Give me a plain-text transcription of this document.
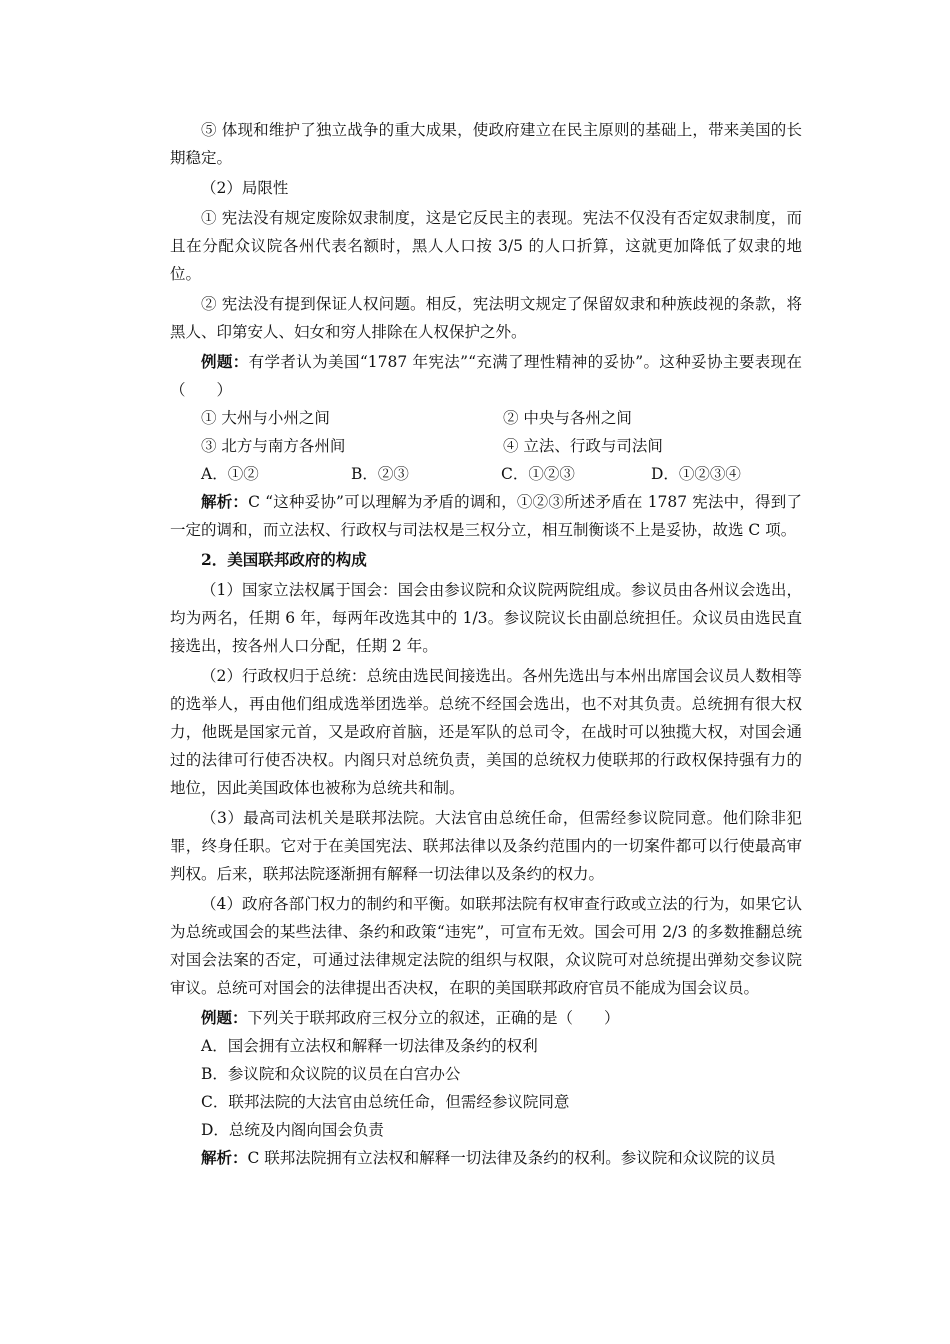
⑤ 体现和维护了独立战争的重大成果，使政府建立在民主原则的基础上，带来美国的长期稳定。

（2）局限性

① 宪法没有规定废除奴隶制度，这是它反民主的表现。宪法不仅没有否定奴隶制度，而且在分配众议院各州代表名额时，黑人人口按 3/5 的人口折算，这就更加降低了奴隶的地位。

② 宪法没有提到保证人权问题。相反，宪法明文规定了保留奴隶和种族歧视的条款，将黑人、印第安人、妇女和穷人排除在人权保护之外。

例题：有学者认为美国“1787 年宪法”“充满了理性精神的妥协”。这种妥协主要表现在（　　）

① 大州与小州之间	② 中央与各州之间
③ 北方与南方各州间	④ 立法、行政与司法间
A．①②	B．②③	C．①②③	D．①②③④

解析：C “这种妥协”可以理解为矛盾的调和，①②③所述矛盾在 1787 宪法中，得到了一定的调和，而立法权、行政权与司法权是三权分立，相互制衡谈不上是妥协，故选 C 项。

2．美国联邦政府的构成

（1）国家立法权属于国会：国会由参议院和众议院两院组成。参议员由各州议会选出，均为两名，任期 6 年，每两年改选其中的 1/3。参议院议长由副总统担任。众议员由选民直接选出，按各州人口分配，任期 2 年。

（2）行政权归于总统：总统由选民间接选出。各州先选出与本州出席国会议员人数相等的选举人，再由他们组成选举团选举。总统不经国会选出，也不对其负责。总统拥有很大权力，他既是国家元首，又是政府首脑，还是军队的总司令，在战时可以独揽大权，对国会通过的法律可行使否决权。内阁只对总统负责，美国的总统权力使联邦的行政权保持强有力的地位，因此美国政体也被称为总统共和制。

（3）最高司法机关是联邦法院。大法官由总统任命，但需经参议院同意。他们除非犯罪，终身任职。它对于在美国宪法、联邦法律以及条约范围内的一切案件都可以行使最高审判权。后来，联邦法院逐渐拥有解释一切法律以及条约的权力。

（4）政府各部门权力的制约和平衡。如联邦法院有权审查行政或立法的行为，如果它认为总统或国会的某些法律、条约和政策“违宪”，可宣布无效。国会可用 2/3 的多数推翻总统对国会法案的否定，可通过法律规定法院的组织与权限，众议院可对总统提出弹劾交参议院审议。总统可对国会的法律提出否决权，在职的美国联邦政府官员不能成为国会议员。

例题：下列关于联邦政府三权分立的叙述，正确的是（　　）

A．国会拥有立法权和解释一切法律及条约的权利

B．参议院和众议院的议员在白宫办公

C．联邦法院的大法官由总统任命，但需经参议院同意

D．总统及内阁向国会负责

解析：C 联邦法院拥有立法权和解释一切法律及条约的权利。参议院和众议院的议员
